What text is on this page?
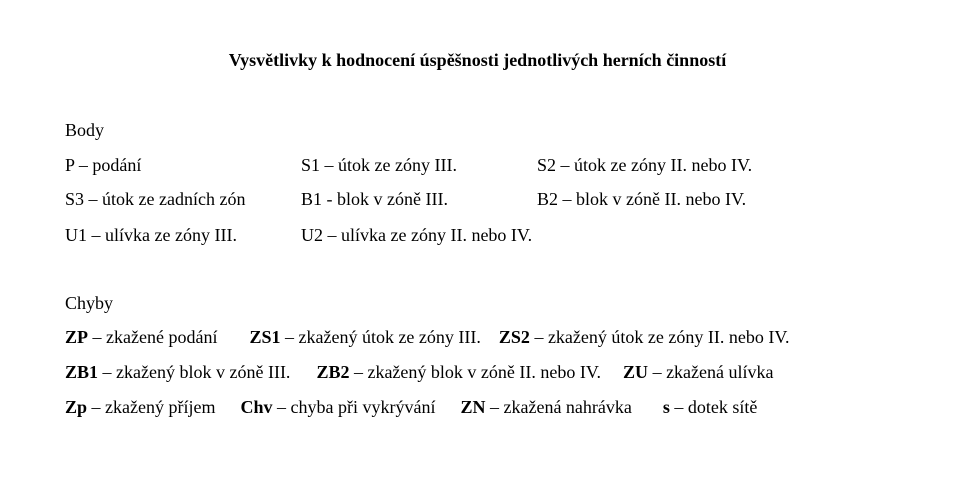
Vysvětlivky k hodnocení úspěšnosti jednotlivých herních činností
Body
P – podání	S1 – útok ze zóny III.	S2 – útok ze zóny II. nebo IV.
S3 – útok ze zadních zón	B1 - blok v zóně III.	B2 – blok v zóně II. nebo IV.
U1 – ulívka ze zóny III.	U2 – ulívka ze zóny II. nebo IV.
Chyby
ZP – zkažené podání ZS1 – zkažený útok ze zóny III. ZS2 – zkažený útok ze zóny II. nebo IV.
ZB1 – zkažený blok v zóně III. ZB2 – zkažený blok v zóně II. nebo IV. ZU – zkažená ulívka
Zp – zkažený příjem Chv – chyba při vykrývání ZN – zkažená nahrávka s – dotek sítě
